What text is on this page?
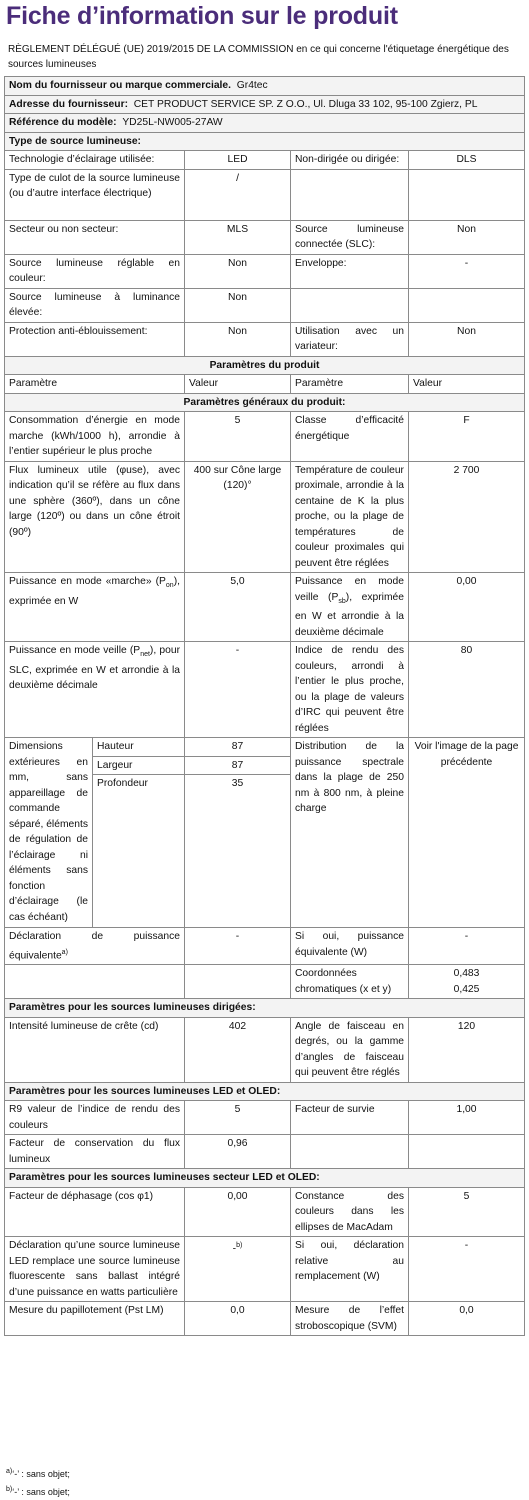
Fiche d’information sur le produit
RÈGLEMENT DÉLÉGUÉ (UE) 2019/2015 DE LA COMMISSION en ce qui concerne l'étiquetage énergétique des sources lumineuses
Nom du fournisseur ou marque commerciale. Gr4tec				
Adresse du fournisseur: CET PRODUCT SERVICE SP. Z O.O., Ul. Dluga 33 102, 95-100 Zgierz, PL				
Référence du modèle: YD25L-NW005-27AW				
Type de source lumineuse:				
Technologie d’éclairage utilisée:		LED	Non-dirigée ou dirigée:	DLS
Type de culot de la source lumineuse (ou d’autre interface électrique)		/		
Secteur ou non secteur:		MLS	Source lumineuse connectée (SLC):	Non
Source lumineuse réglable en couleur:		Non	Enveloppe:	-
Source lumineuse à luminance élevée:		Non		
Protection anti-éblouissement:		Non	Utilisation avec un variateur:	Non
Paramètres du produit				
Paramètre		Valeur	Paramètre	Valeur
Paramètres généraux du produit:				
Consommation d’énergie en mode marche (kWh/1000 h), arrondie à l’entier supérieur le plus proche		5	Classe d’efficacité énergétique	F
Flux lumineux utile (φuse), avec indication qu’il se réfère au flux dans une sphère (360º), dans un cône large (120º) ou dans un cône étroit (90º)		400 sur Cône large (120)°	Température de couleur proximale, arrondie à la centaine de K la plus proche, ou la plage de températures de couleur proximales qui peuvent être réglées	2 700
Puissance en mode «marche» $(P_{on})$, exprimée en W		5,0	Puissance en mode veille $(P_{sb})$, exprimée en W et arrondie à la deuxième décimale	0,00
Puissance en mode veille $(P_{net})$, pour SLC, exprimée en W et arrondie à la deuxième décimale		-	Indice de rendu des couleurs, arrondi à l’entier le plus proche, ou la plage de valeurs d’IRC qui peuvent être réglées	80
Dimensions extérieures en mm, sans appareillage de commande séparé, éléments de régulation de l’éclairage ni éléments sans fonction d’éclairage (le cas échéant)	Hauteur	87	Distribution de la puissance spectrale dans la plage de 250 nm à 800 nm, à pleine charge	Voir l'image de la page précédente
	Largeur	87		
	Profondeur	35		
Déclaration de puissance équivalente$^{a)}$		-	Si oui, puissance équivalente (W)	-
			Coordonnées chromatiques (x et y)	0,483
0,425

Paramètres pour les sources lumineuses dirigées:				
Intensité lumineuse de crête (cd)		402	Angle de faisceau en degrés, ou la gamme d’angles de faisceau qui peuvent être réglés	120
Paramètres pour les sources lumineuses LED et OLED:				
R9 valeur de l’indice de rendu des couleurs		5	Facteur de survie	1,00
Facteur de conservation du flux lumineux		0,96		
Paramètres pour les sources lumineuses secteur LED et OLED:				
Facteur de déphasage (cos φ1)		0,00	Constance des couleurs dans les ellipses de MacAdam	5
Déclaration qu’une source lumineuse LED remplace une source lumineuse fluorescente sans ballast intégré d’une puissance en watts particulière		-$^{b)}$	Si oui, déclaration relative au remplacement (W)	-
Mesure du papillotement (Pst LM)		0,0	Mesure de l’effet stroboscopique (SVM)	0,0
$^{a)}$‘-’ : sans objet;
$^{b)}$‘-’ : sans objet;
